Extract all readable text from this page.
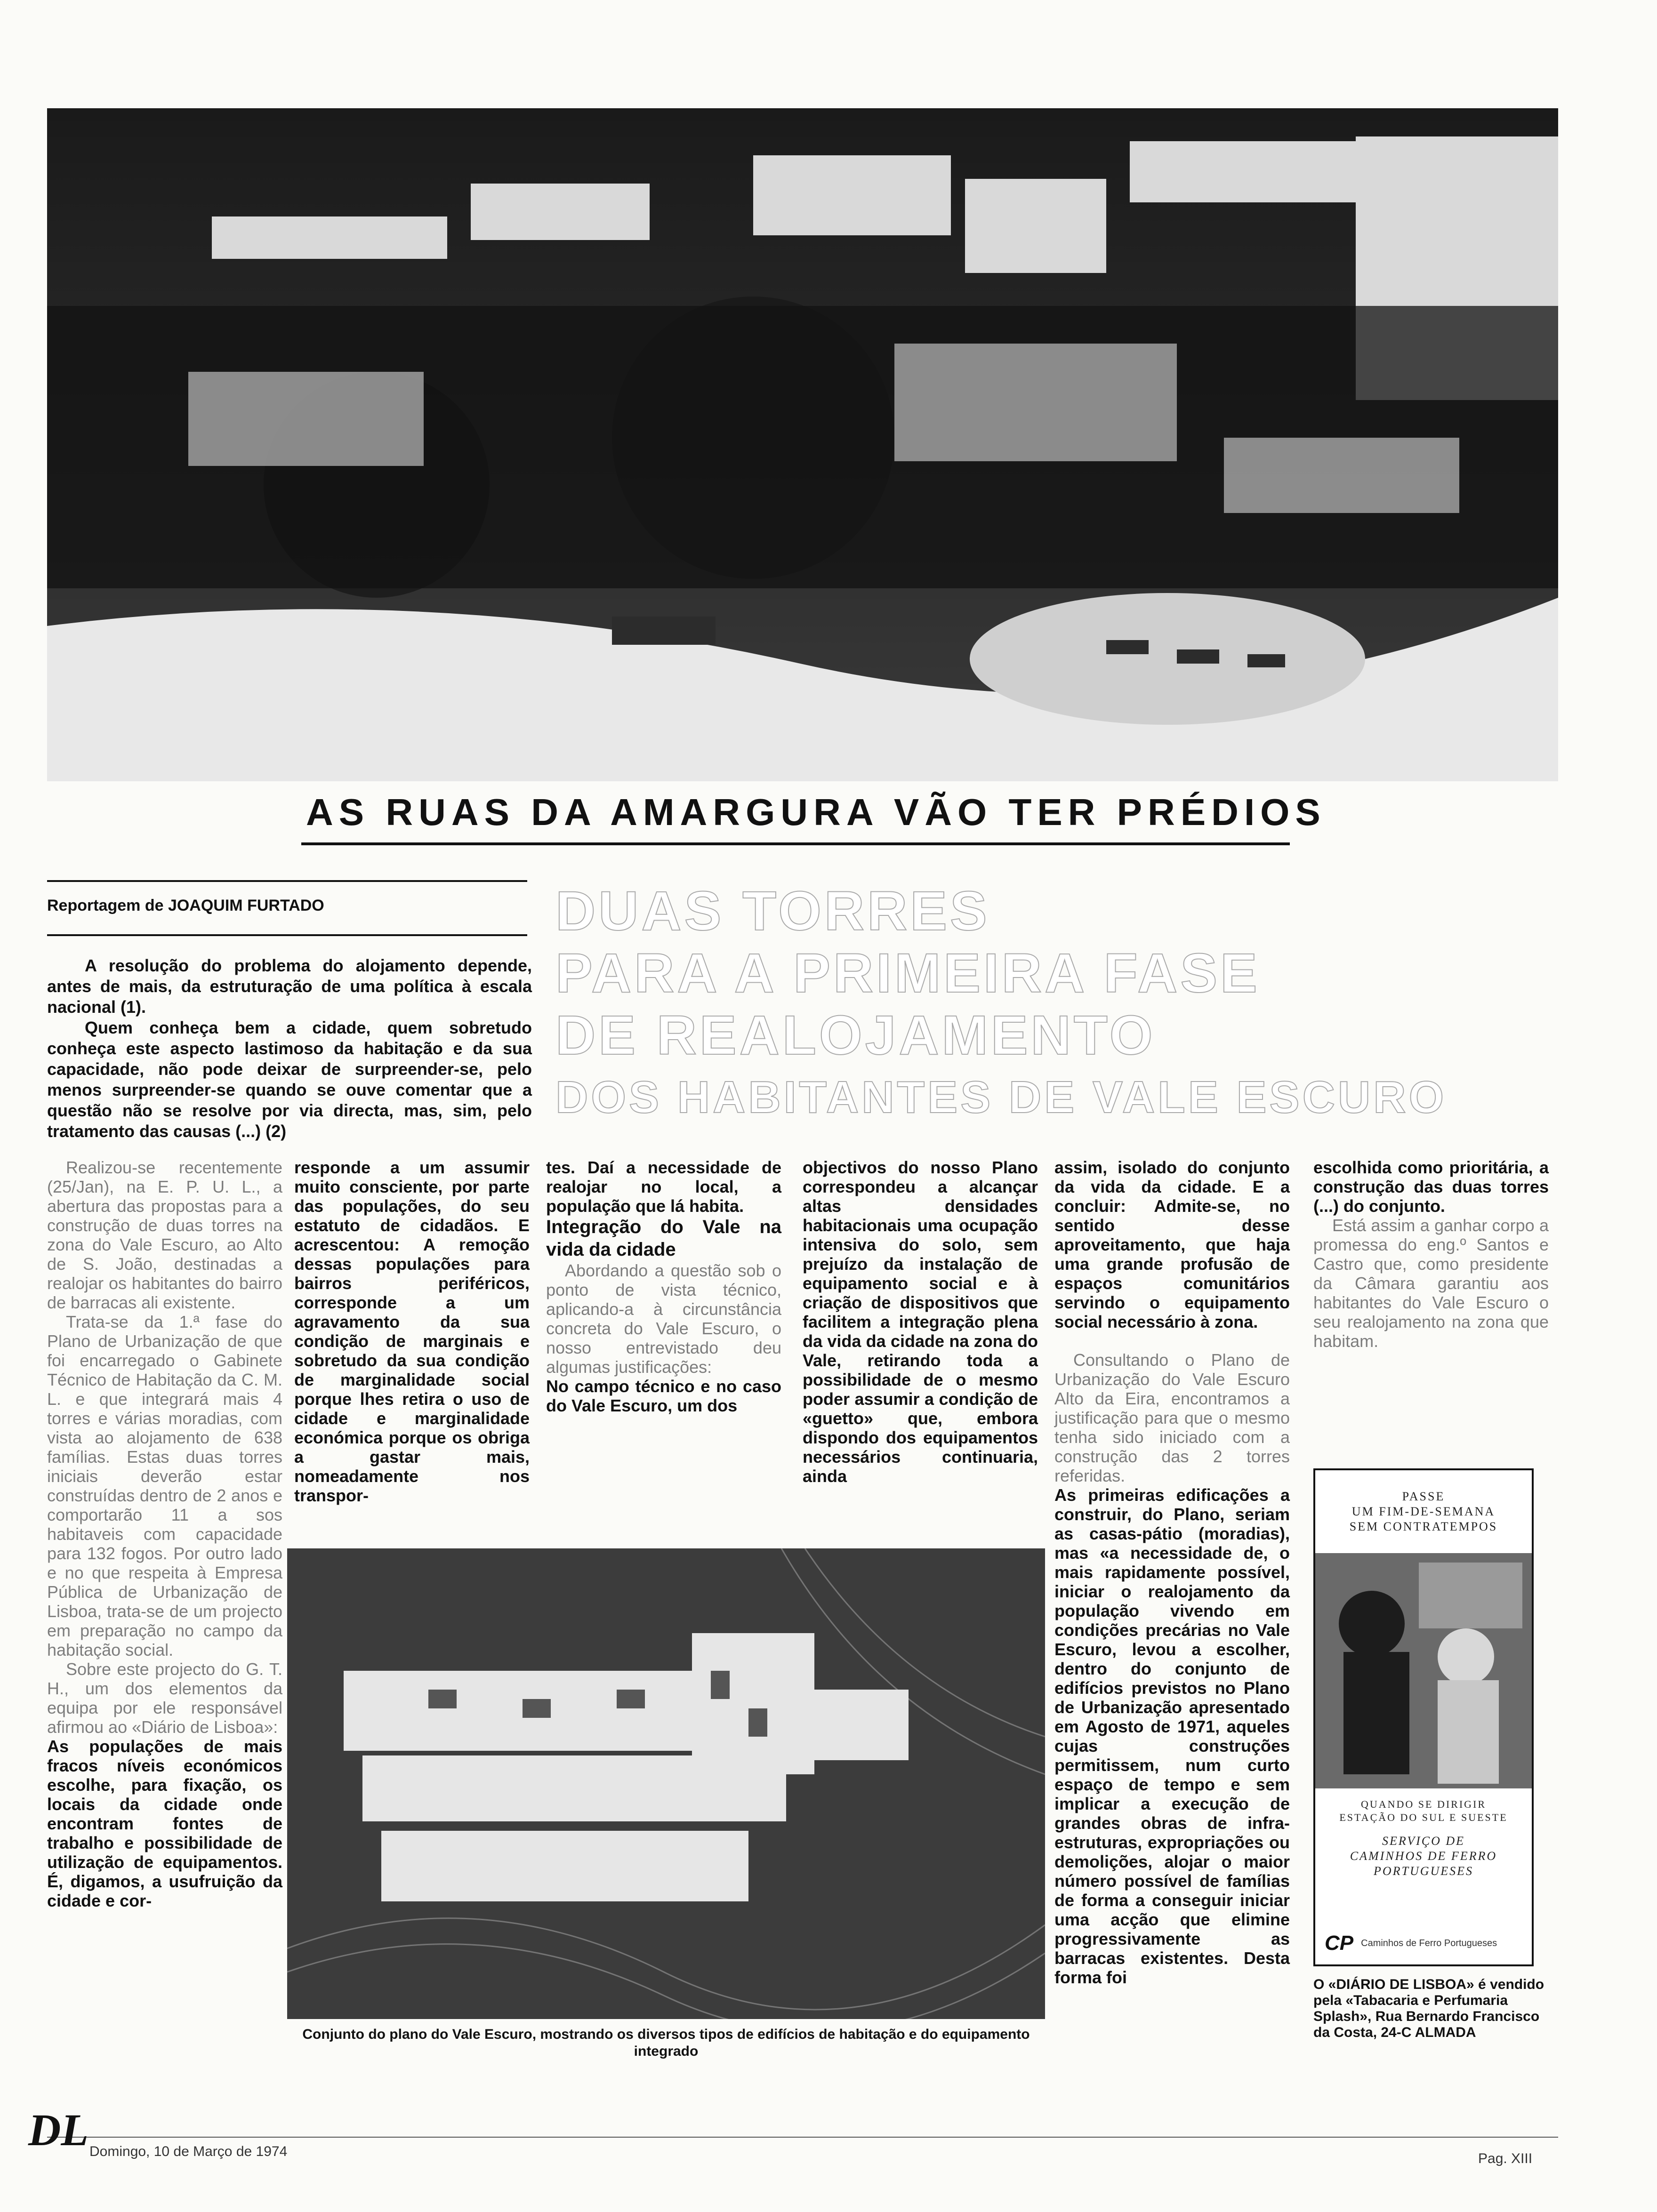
AS RUAS DA AMARGURA VÃO TER PRÉDIOS
Reportagem de JOAQUIM FURTADO	DUAS TORRES
PARA A PRIMEIRA FASE
DE REALOJAMENTO
DOS HABITANTES DE VALE ESCURO

A resolução do problema do alojamento depende, antes de mais, da estruturação de uma política à escala nacional (1).

Quem conheça bem a cidade, quem sobretudo conheça este aspecto lastimoso da habitação e da sua capacidade, não pode deixar de surpreender-se, pelo menos surpreender-se quando se ouve comentar que a questão não se resolve por via directa, mas, sim, pelo tratamento das causas (...) (2)

Realizou-se recentemente (25/Jan), na E. P. U. L., a abertura das propostas para a construção de duas torres na zona do Vale Escuro, ao Alto de S. João, destinadas a realojar os habitantes do bairro de barracas ali existente.

Trata-se da 1.ª fase do Plano de Urbanização de que foi encarregado o Gabinete Técnico de Habitação da C. M. L. e que integrará mais 4 torres e várias moradias, com vista ao alojamento de 638 famílias. Estas duas torres iniciais deverão estar construídas dentro de 2 anos e comportarão 11 a sos habitaveis com capacidade para 132 fogos. Por outro lado e no que respeita à Empresa Pública de Urbanização de Lisboa, trata-se de um projecto em preparação no campo da habitação social.

Sobre este projecto do G. T. H., um dos elementos da equipa por ele responsável afirmou ao «Diário de Lisboa»:

As populações de mais fracos níveis económicos escolhe, para fixação, os locais da cidade onde encontram fontes de trabalho e possibilidade de utilização de equipamentos. É, digamos, a usufruição da cidade e cor-

responde a um assumir muito consciente, por parte das populações, do seu estatuto de cidadãos. E acrescentou: A remoção dessas populações para bairros periféricos, corresponde a um agravamento da sua condição de marginais e sobretudo da sua condição de marginalidade social porque lhes retira o uso de cidade e marginalidade económica porque os obriga a gastar mais, nomeadamente nos transpor-

tes. Daí a necessidade de realojar no local, a população que lá habita.

Integração do Vale na vida da cidade

Abordando a questão sob o ponto de vista técnico, aplicando-a à circunstância concreta do Vale Escuro, o nosso entrevistado deu algumas justificações:

No campo técnico e no caso do Vale Escuro, um dos

objectivos do nosso Plano correspondeu a alcançar altas densidades habitacionais uma ocupação intensiva do solo, sem prejuízo da instalação de equipamento social e à criação de dispositivos que facilitem a integração plena da vida da cidade na zona do Vale, retirando toda a possibilidade de o mesmo poder assumir a condição de «guetto» que, embora dispondo dos equipamentos necessários continuaria, ainda

Conjunto do plano do Vale Escuro, mostrando os diversos tipos de edifícios de habitação e do equipamento integrado

assim, isolado do conjunto da vida da cidade. E a concluir: Admite-se, no sentido desse aproveitamento, que haja uma grande profusão de espaços comunitários servindo o equipamento social necessário à zona.

Consultando o Plano de Urbanização do Vale Escuro Alto da Eira, encontramos a justificação para que o mesmo tenha sido iniciado com a construção das 2 torres referidas.

As primeiras edificações a construir, do Plano, seriam as casas-pátio (moradias), mas «a necessidade de, o mais rapidamente possível, iniciar o realojamento da população vivendo em condições precárias no Vale Escuro, levou a escolher, dentro do conjunto de edifícios previstos no Plano de Urbanização apresentado em Agosto de 1971, aqueles cujas construções permitissem, num curto espaço de tempo e sem implicar a execução de grandes obras de infra-estruturas, expropriações ou demolições, alojar o maior número possível de famílias de forma a conseguir iniciar uma acção que elimine progressivamente as barracas existentes. Desta forma foi

escolhida como prioritária, a construção das duas torres (...) do conjunto.

Está assim a ganhar corpo a promessa do eng.º Santos e Castro que, como presidente da Câmara garantiu aos habitantes do Vale Escuro o seu realojamento na zona que habitam.

PASSE
UM FIM-DE-SEMANA
SEM CONTRATEMPOS
QUANDO SE DIRIGIR
ESTAÇÃO DO SUL E SUESTE
SERVIÇO DE
CAMINHOS DE FERRO
PORTUGUESES
CP Caminhos de Ferro Portugueses
O «DIÁRIO DE LISBOA» é vendido pela «Tabacaria e Perfumaria Splash», Rua Bernardo Francisco da Costa, 24-C ALMADA
DL Domingo, 10 de Março de 1974	Pag. XIII
